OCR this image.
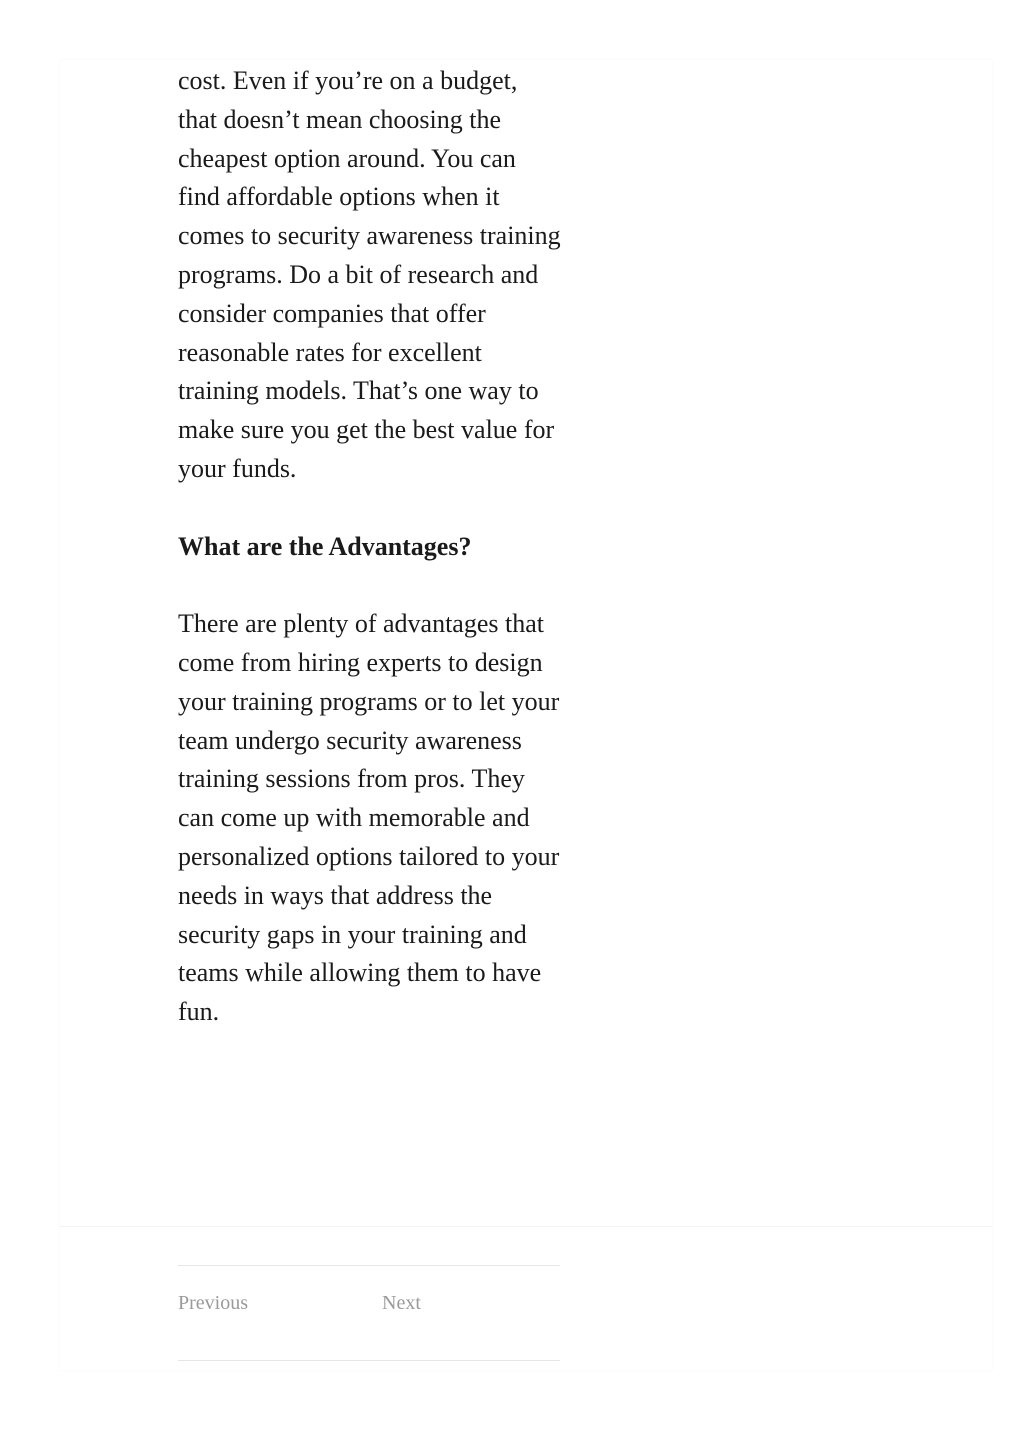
cost. Even if you’re on a budget, that doesn’t mean choosing the cheapest option around. You can find affordable options when it comes to security awareness training programs. Do a bit of research and consider companies that offer reasonable rates for excellent training models. That’s one way to make sure you get the best value for your funds.

What are the Advantages?

There are plenty of advantages that come from hiring experts to design your training programs or to let your team undergo security awareness training sessions from pros. They can come up with memorable and personalized options tailored to your needs in ways that address the security gaps in your training and teams while allowing them to have fun.

Previous	Next
